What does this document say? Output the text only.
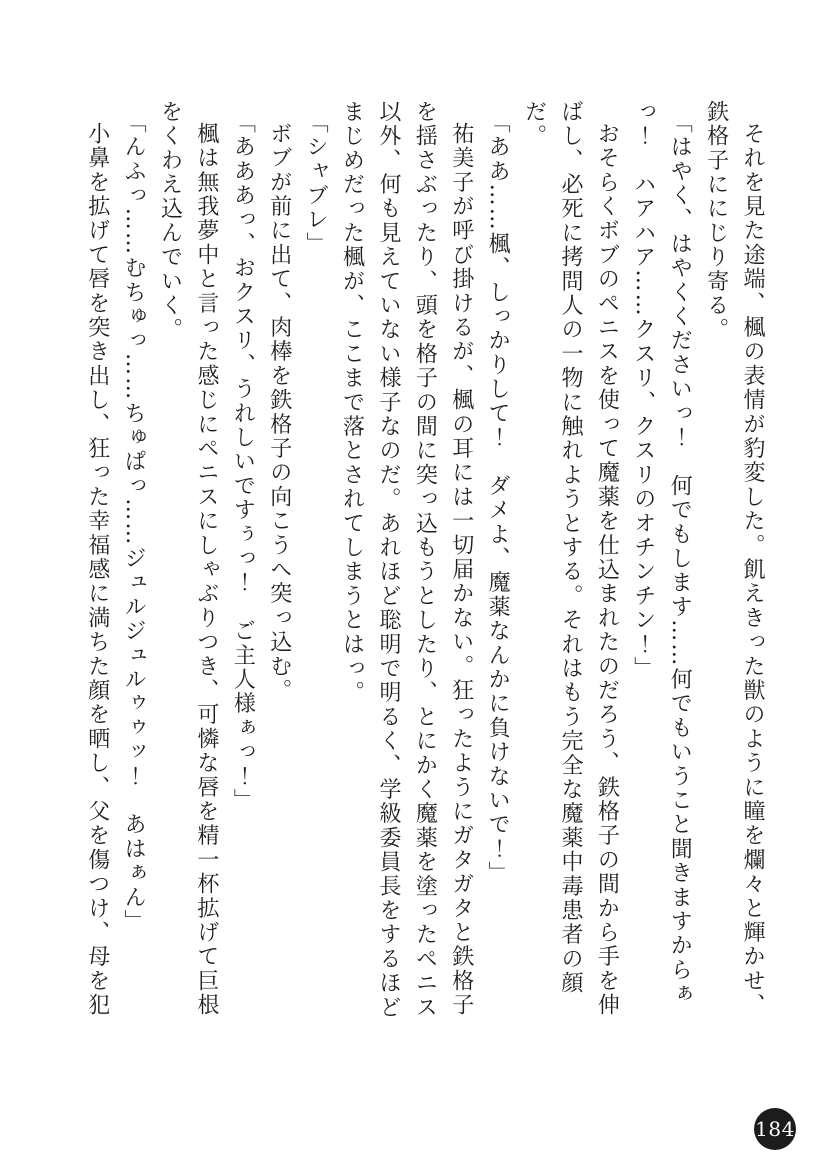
それを見た途端、楓の表情が豹変した。飢えきった獣のように瞳を爛々と輝かせ、鉄格子ににじり寄る。

「はやく、はやくくださいっ！　何でもします……何でもいうこと聞きますからぁっ！　ハアハア……クスリ、クスリのオチンチン！」

おそらくボブのペニスを使って魔薬を仕込まれたのだろう、鉄格子の間から手を伸ばし、必死に拷問人の一物に触れようとする。それはもう完全な魔薬中毒患者の顔だ。

「ああ……楓、しっかりして！　ダメよ、魔薬なんかに負けないで！」

祐美子が呼び掛けるが、楓の耳には一切届かない。狂ったようにガタガタと鉄格子を揺さぶったり、頭を格子の間に突っ込もうとしたり、とにかく魔薬を塗ったペニス以外、何も見えていない様子なのだ。あれほど聡明で明るく、学級委員長をするほどまじめだった楓が、ここまで落とされてしまうとはっ。

「シャブレ」

ボブが前に出て、肉棒を鉄格子の向こうへ突っ込む。

「あああっ、おクスリ、うれしいですぅっ！　ご主人様ぁっ！」

楓は無我夢中と言った感じにペニスにしゃぶりつき、可憐な唇を精一杯拡げて巨根をくわえ込んでいく。

「んふっ……むちゅっ……ちゅぱっ……ジュルジュルゥゥッ！　あはぁん」

小鼻を拡げて唇を突き出し、狂った幸福感に満ちた顔を晒し、父を傷つけ、母を犯

184
